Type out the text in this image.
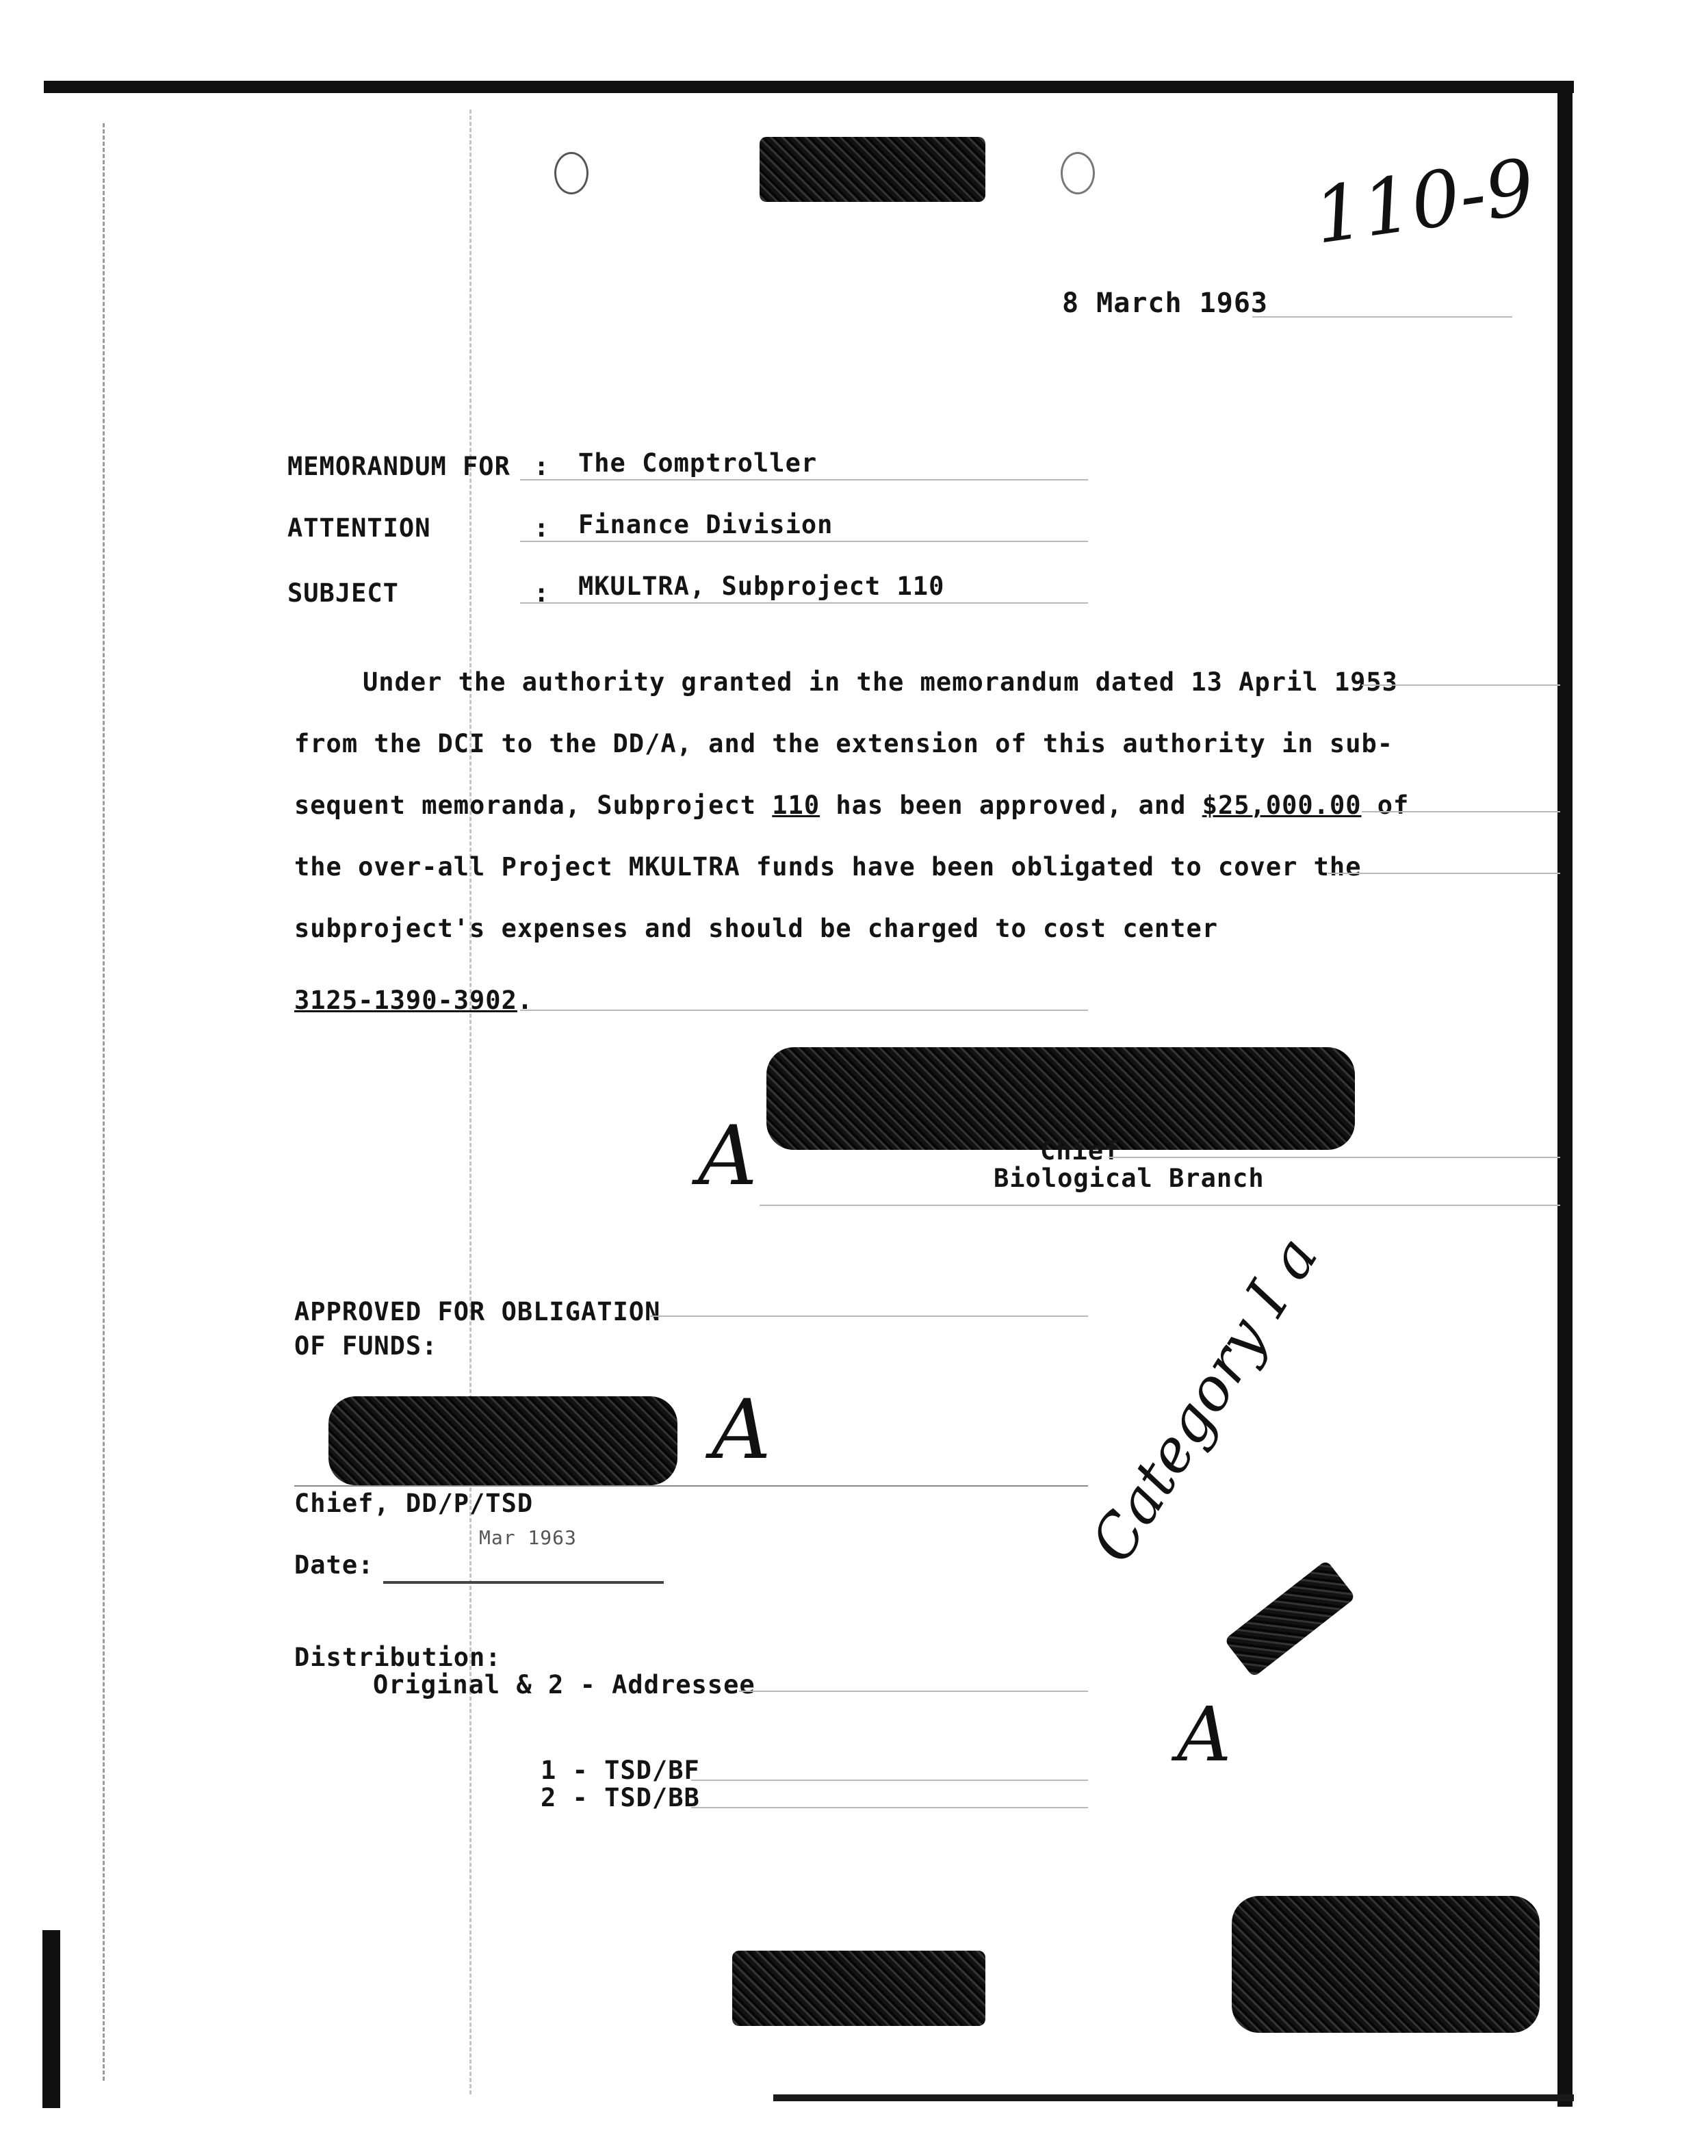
110-9
8 March 1963
MEMORANDUM FOR : The Comptroller
ATTENTION	: Finance Division
SUBJECT	: MKULTRA, Subproject 110
Under the authority granted in the memorandum dated 13 April 1953
from the DCI to the DD/A, and the extension of this authority in sub-
sequent memoranda, Subproject 110 has been approved, and $25,000.00 of
the over-all Project MKULTRA funds have been obligated to cover the
subproject's expenses and should be charged to cost center
3125-1390-3902.
A	Chief
Biological Branch
APPROVED FOR OBLIGATION
OF FUNDS:
A
Chief, DD/P/TSD
Mar 1963
Date:
Distribution:
Original & 2 - Addressee
1 - TSD/BF
2 - TSD/BB
Category I a
A
